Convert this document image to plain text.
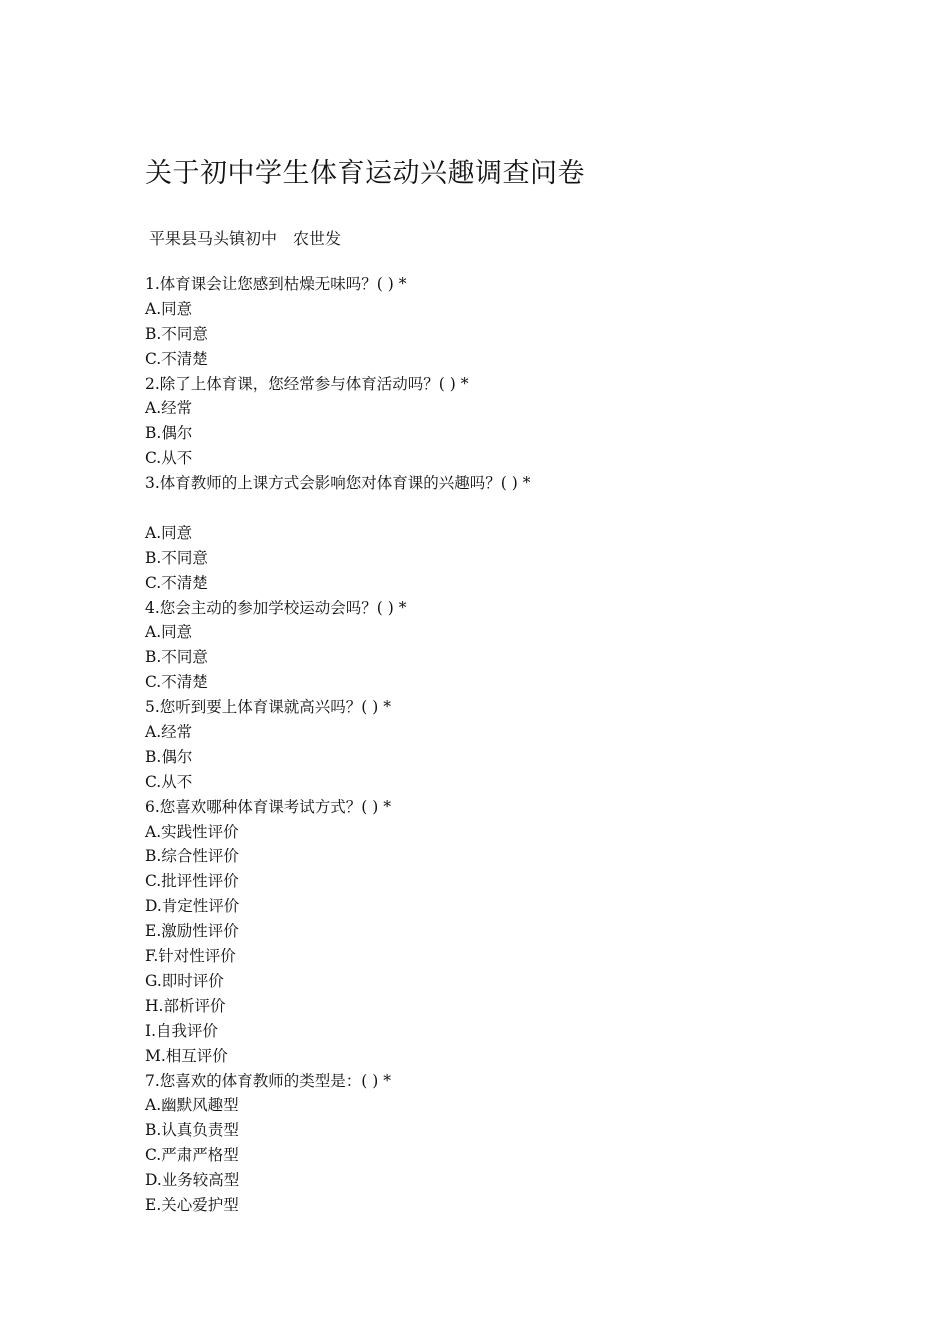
关于初中学生体育运动兴趣调查问卷
平果县马头镇初中　农世发
1.体育课会让您感到枯燥无味吗？( ) *
A.同意
B.不同意
C.不清楚
2.除了上体育课，您经常参与体育活动吗？( ) *
A.经常
B.偶尔
C.从不
3.体育教师的上课方式会影响您对体育课的兴趣吗？( ) *
A.同意
B.不同意
C.不清楚
4.您会主动的参加学校运动会吗？( ) *
A.同意
B.不同意
C.不清楚
5.您听到要上体育课就高兴吗？( ) *
A.经常
B.偶尔
C.从不
6.您喜欢哪种体育课考试方式？( ) *
A.实践性评价
B.综合性评价
C.批评性评价
D.肯定性评价
E.激励性评价
F.针对性评价
G.即时评价
H.部析评价
I.自我评价
M.相互评价
7.您喜欢的体育教师的类型是：( ) *
A.幽默风趣型
B.认真负责型
C.严肃严格型
D.业务较高型
E.关心爱护型
